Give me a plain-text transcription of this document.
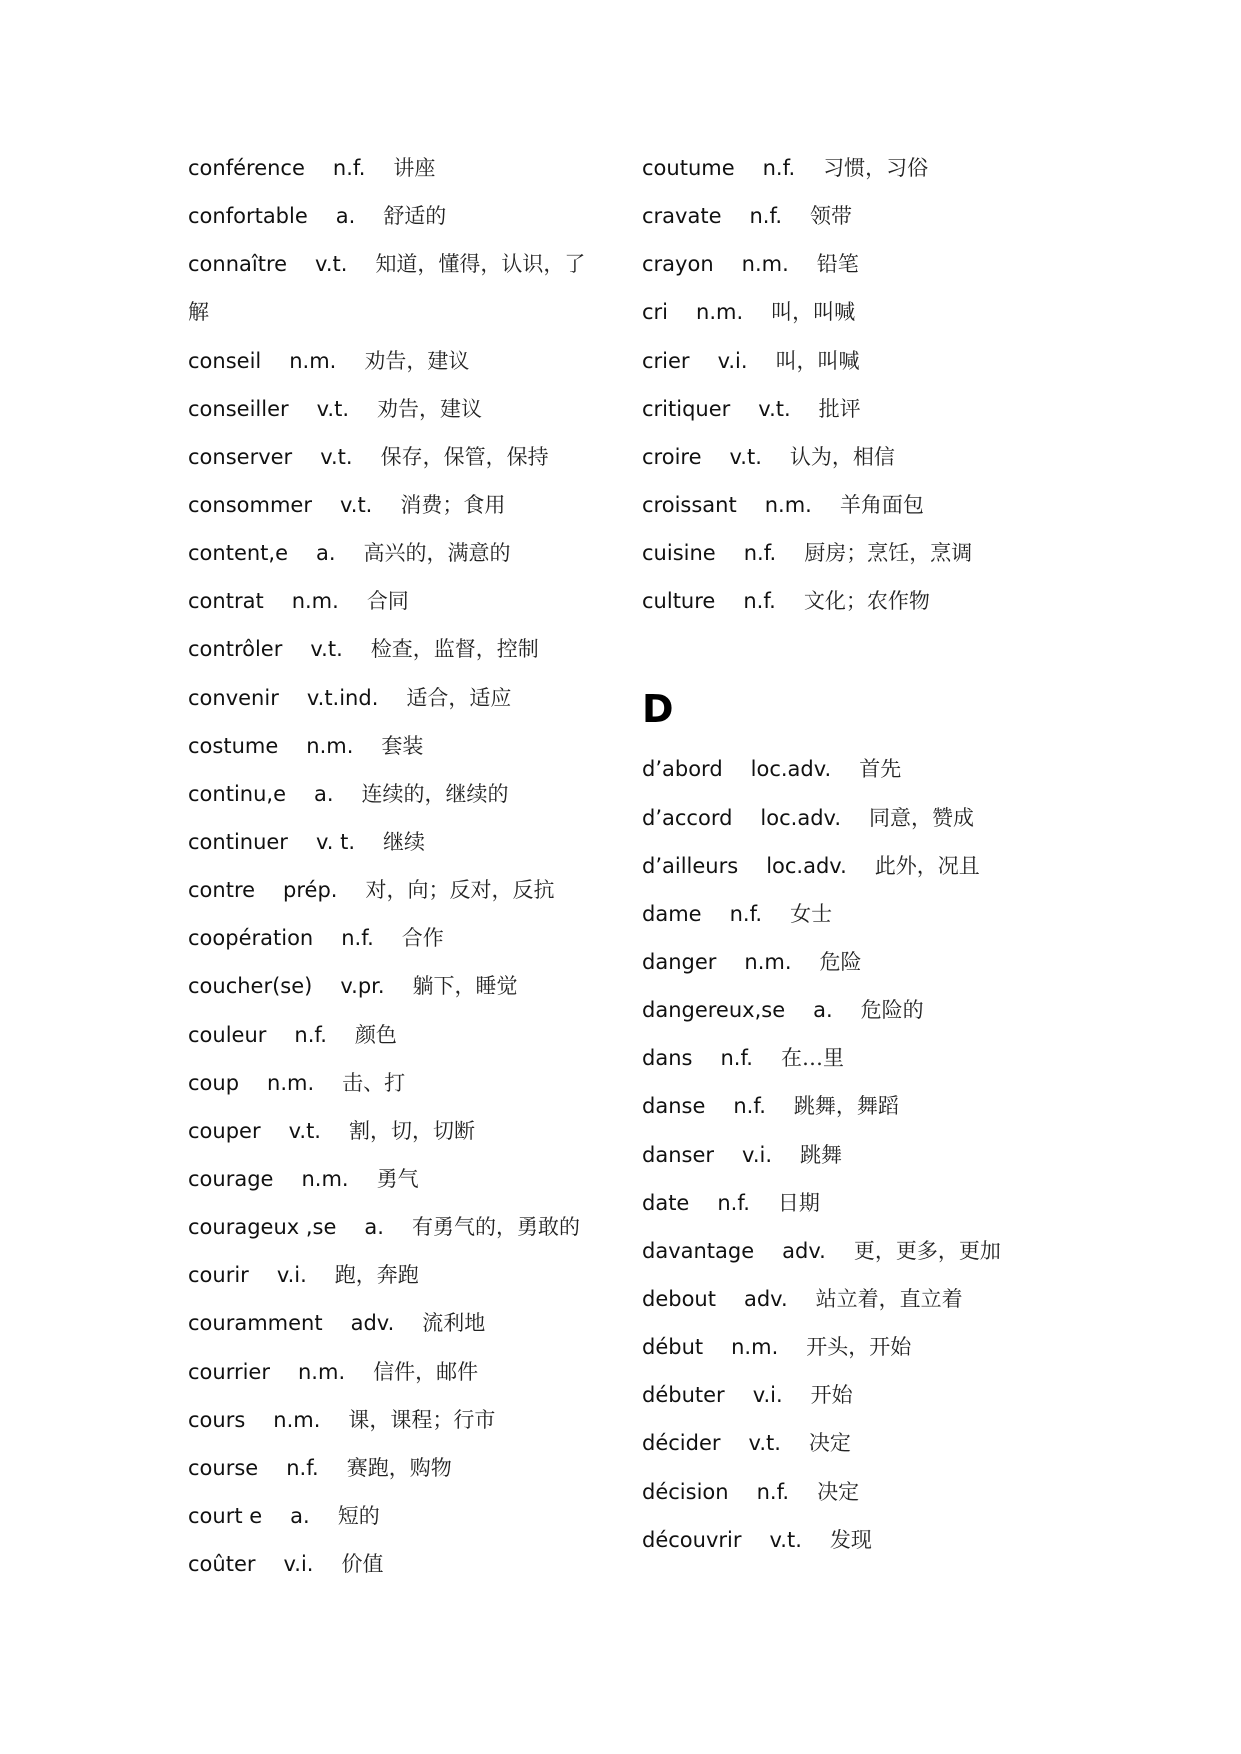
conférence n.f. 讲座
confortable a. 舒适的
connaître v.t. 知道，懂得，认识，了
解
conseil n.m. 劝告，建议
conseiller v.t. 劝告，建议
conserver v.t. 保存，保管，保持
consommer v.t. 消费；食用
content,e a. 高兴的，满意的
contrat n.m. 合同
contrôler v.t. 检查，监督，控制
convenir v.t.ind. 适合，适应
costume n.m. 套装
continu,e a. 连续的，继续的
continuer v. t. 继续
contre prép. 对，向；反对，反抗
coopération n.f. 合作
coucher(se) v.pr. 躺下，睡觉
couleur n.f. 颜色
coup n.m. 击、打
couper v.t. 割，切，切断
courage n.m. 勇气
courageux ,se a. 有勇气的，勇敢的
courir v.i. 跑，奔跑
couramment adv. 流利地
courrier n.m. 信件，邮件
cours n.m. 课，课程；行市
course n.f. 赛跑，购物
court e a. 短的
coûter v.i. 价值
coutume n.f. 习惯，习俗
cravate n.f. 领带
crayon n.m. 铅笔
cri n.m. 叫，叫喊
crier v.i. 叫，叫喊
critiquer v.t. 批评
croire v.t. 认为，相信
croissant n.m. 羊角面包
cuisine n.f. 厨房；烹饪，烹调
culture n.f. 文化；农作物
D
d’abord loc.adv. 首先
d’accord loc.adv. 同意，赞成
d’ailleurs loc.adv. 此外，况且
dame n.f. 女士
danger n.m. 危险
dangereux,se a. 危险的
dans n.f. 在…里
danse n.f. 跳舞，舞蹈
danser v.i. 跳舞
date n.f. 日期
davantage adv. 更，更多，更加
debout adv. 站立着，直立着
début n.m. 开头，开始
débuter v.i. 开始
décider v.t. 决定
décision n.f. 决定
découvrir v.t. 发现
